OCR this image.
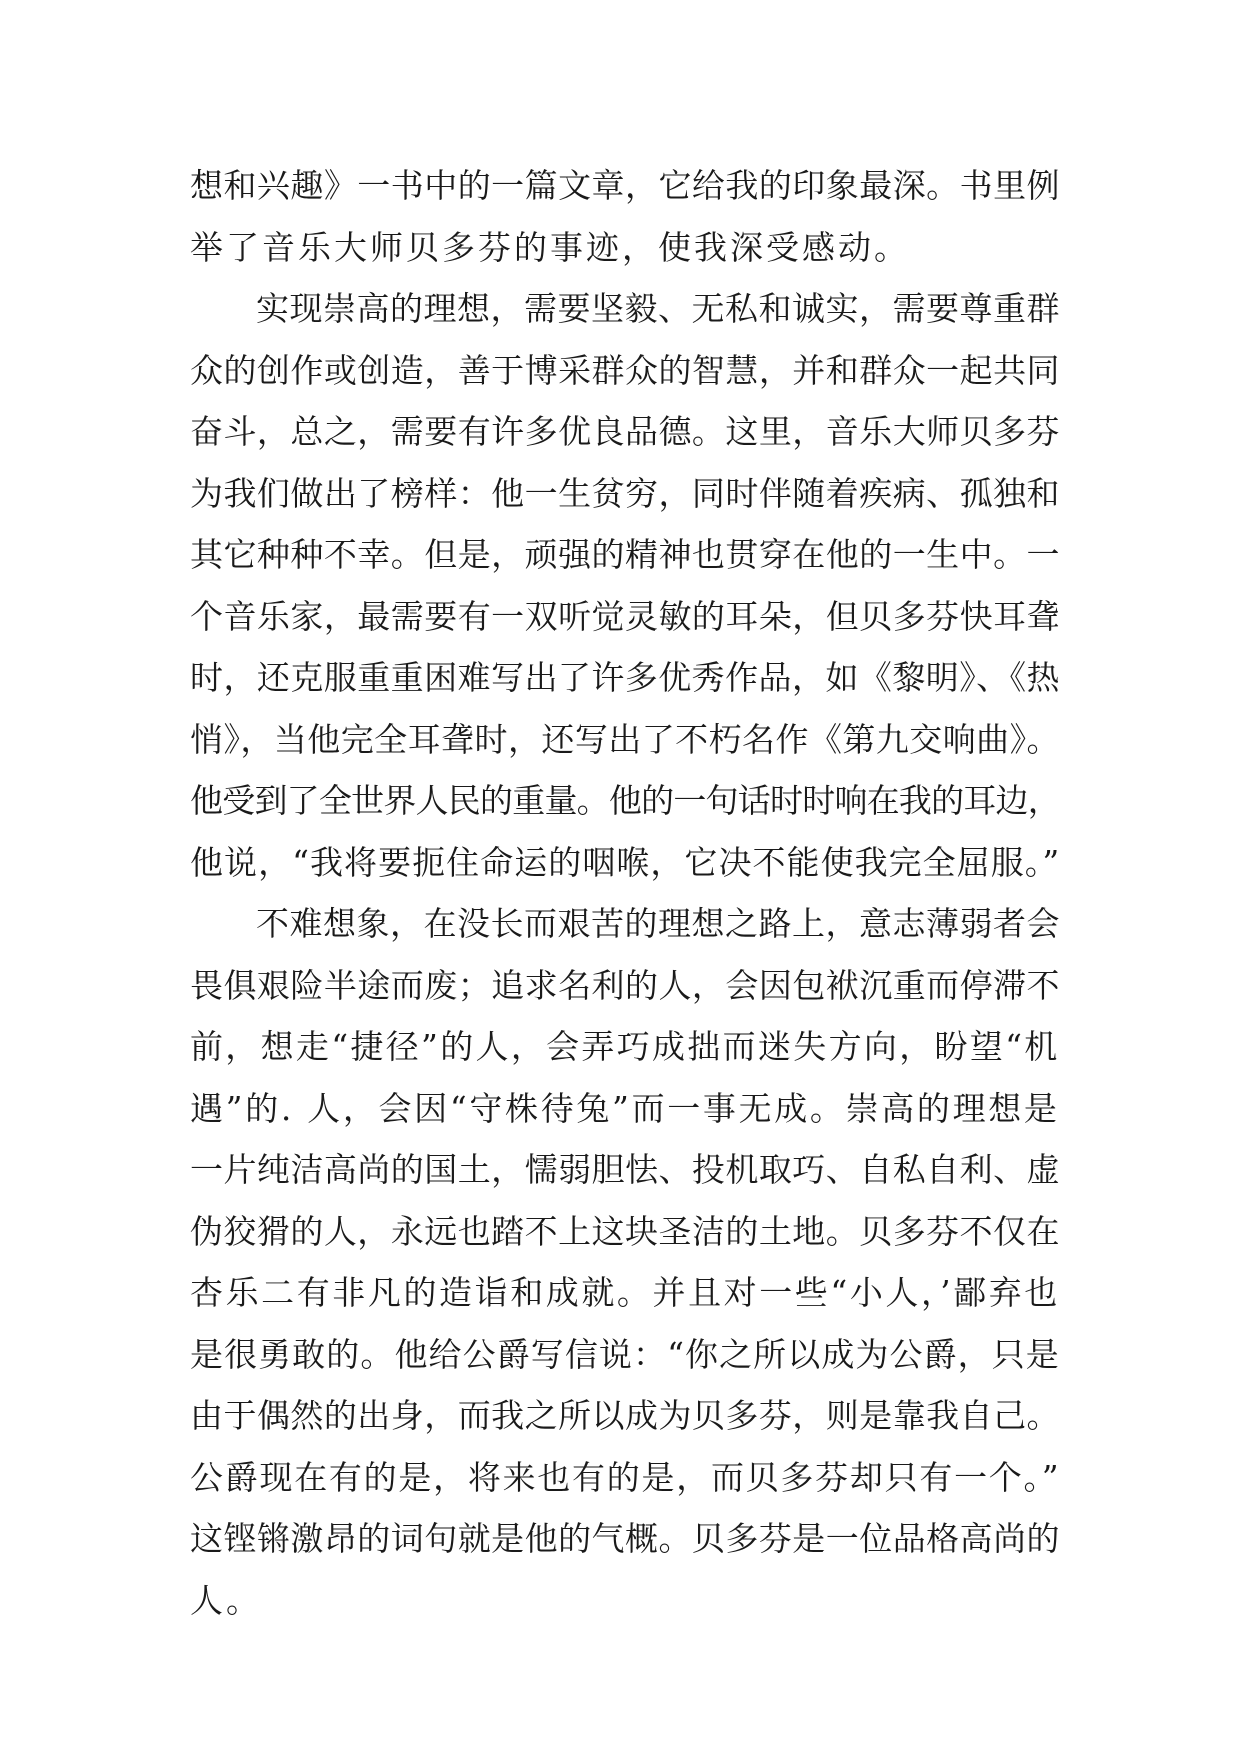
想和兴趣》一书中的一篇文章，它给我的印象最深。书里例
举了音乐大师贝多芬的事迹，使我深受感动。
实现崇高的理想，需要坚毅、无私和诚实，需要尊重群
众的创作或创造，善于博采群众的智慧，并和群众一起共同
奋斗，总之，需要有许多优良品德。这里，音乐大师贝多芬
为我们做出了榜样：他一生贫穷，同时伴随着疾病、孤独和
其它种种不幸。但是，顽强的精神也贯穿在他的一生中。一
个音乐家，最需要有一双听觉灵敏的耳朵，但贝多芬快耳聋
时，还克服重重困难写出了许多优秀作品，如《黎明》、《热
悄》，当他完全耳聋时，还写出了不朽名作《第九交响曲》。
他受到了全世界人民的重量。他的一句话时时响在我的耳边，
他说，“我将要扼住命运的咽喉，它决不能使我完全屈服。”
不难想象，在没长而艰苦的理想之路上，意志薄弱者会
畏俱艰险半途而废；追求名利的人，会因包袱沉重而停滞不
前，想走“捷径”的人，会弄巧成拙而迷失方向，盼望“机
遇”的. 人，会因“守株待兔”而一事无成。崇高的理想是
一片纯洁高尚的国土，懦弱胆怯、投机取巧、自私自利、虚
伪狡猾的人，永远也踏不上这块圣洁的土地。贝多芬不仅在
杏乐二有非凡的造诣和成就。并且对一些“小人，’鄙弃也
是很勇敢的。他给公爵写信说：“你之所以成为公爵，只是
由于偶然的出身，而我之所以成为贝多芬，则是靠我自己。
公爵现在有的是，将来也有的是，而贝多芬却只有一个。”
这铿锵激昂的词句就是他的气概。贝多芬是一位品格高尚的
人。
